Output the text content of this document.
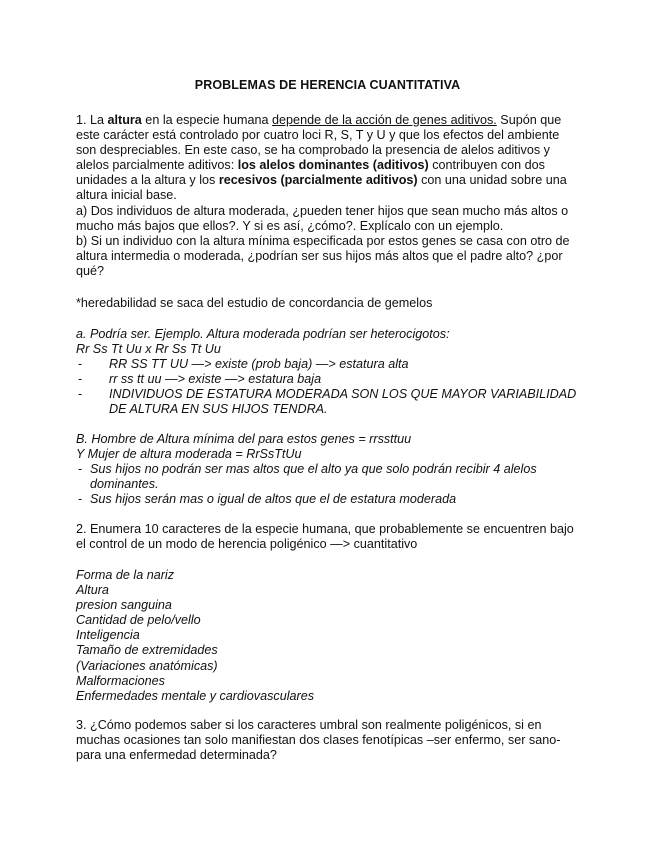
PROBLEMAS DE HERENCIA CUANTITATIVA

1. La altura en la especie humana depende de la acción de genes aditivos. Supón que este carácter está controlado por cuatro loci R, S, T y U y que los efectos del ambiente son despreciables. En este caso, se ha comprobado la presencia de alelos aditivos y alelos parcialmente aditivos: los alelos dominantes (aditivos) contribuyen con dos unidades a la altura y los recesivos (parcialmente aditivos) con una unidad sobre una altura inicial base.

a) Dos individuos de altura moderada, ¿pueden tener hijos que sean mucho más altos o mucho más bajos que ellos?. Y si es así, ¿cómo?. Explícalo con un ejemplo.

b) Si un individuo con la altura mínima especificada por estos genes se casa con otro de altura intermedia o moderada, ¿podrían ser sus hijos más altos que el padre alto? ¿por qué?

*heredabilidad se saca del estudio de concordancia de gemelos

a. Podría ser. Ejemplo. Altura moderada podrían ser heterocigotos:

Rr Ss Tt Uu x Rr Ss Tt Uu

- RR SS TT UU —> existe (prob baja) —> estatura alta
- rr ss tt uu —> existe —> estatura baja
- INDIVIDUOS DE ESTATURA MODERADA SON LOS QUE MAYOR VARIABILIDAD DE ALTURA EN SUS HIJOS TENDRA.

B. Hombre de Altura mínima del para estos genes = rrssttuu

Y Mujer de altura moderada = RrSsTtUu

- Sus hijos no podrán ser mas altos que el alto ya que solo podrán recibir 4 alelos dominantes.
- Sus hijos serán mas o igual de altos que el de estatura moderada

2. Enumera 10 caracteres de la especie humana, que probablemente se encuentren bajo el control de un modo de herencia poligénico —> cuantitativo

Forma de la nariz

Altura

presion sanguina

Cantidad de pelo/vello

Inteligencia

Tamaño de extremidades

(Variaciones anatómicas)

Malformaciones

Enfermedades mentale y cardiovasculares

3. ¿Cómo podemos saber si los caracteres umbral son realmente poligénicos, si en muchas ocasiones tan solo manifiestan dos clases fenotípicas –ser enfermo, ser sano- para una enfermedad determinada?
